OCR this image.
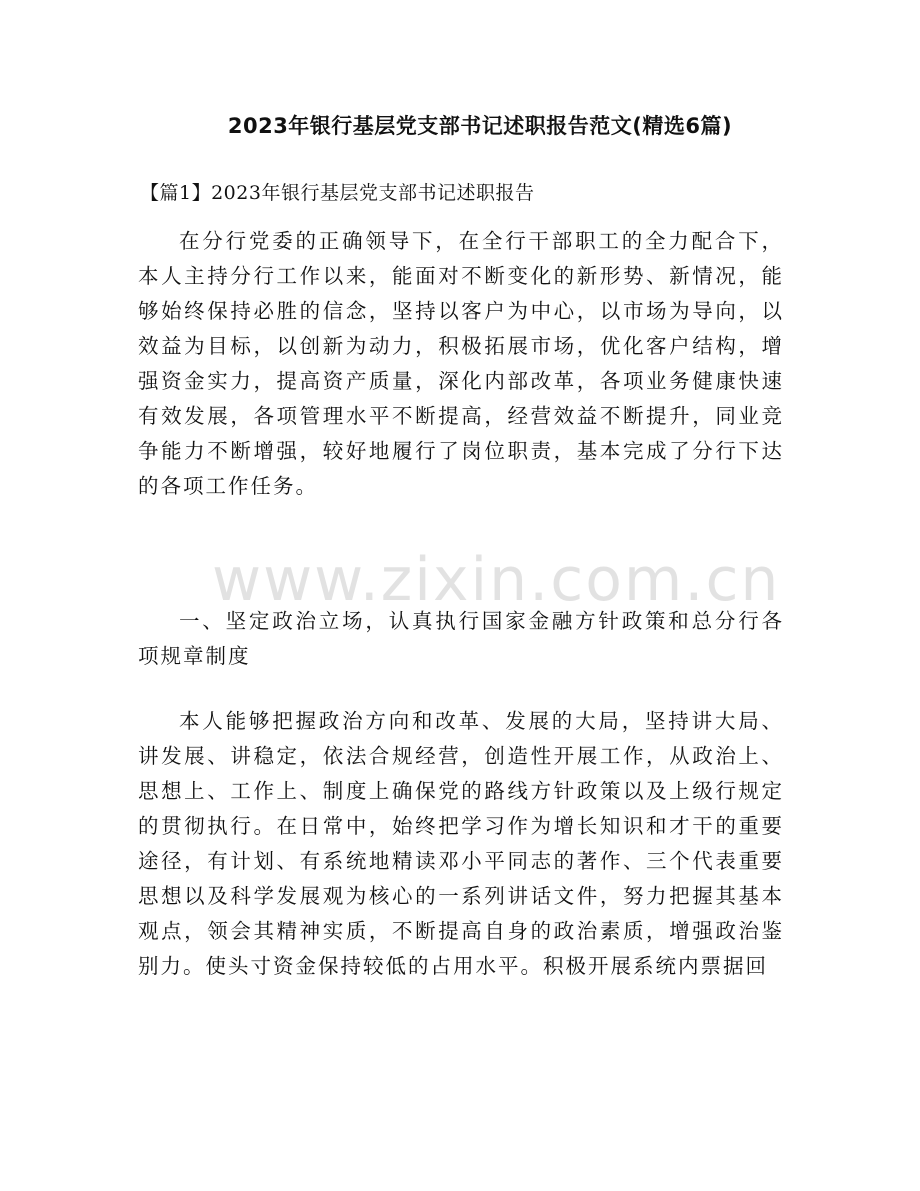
2023年银行基层党支部书记述职报告范文(精选6篇)
【篇1】2023年银行基层党支部书记述职报告

在分行党委的正确领导下，在全行干部职工的全力配合下，本人主持分行工作以来，能面对不断变化的新形势、新情况，能够始终保持必胜的信念，坚持以客户为中心，以市场为导向，以效益为目标，以创新为动力，积极拓展市场，优化客户结构，增强资金实力，提高资产质量，深化内部改革，各项业务健康快速有效发展，各项管理水平不断提高，经营效益不断提升，同业竞争能力不断增强，较好地履行了岗位职责，基本完成了分行下达的各项工作任务。

一、坚定政治立场，认真执行国家金融方针政策和总分行各项规章制度

本人能够把握政治方向和改革、发展的大局，坚持讲大局、讲发展、讲稳定，依法合规经营，创造性开展工作，从政治上、思想上、工作上、制度上确保党的路线方针政策以及上级行规定的贯彻执行。在日常中，始终把学习作为增长知识和才干的重要途径，有计划、有系统地精读邓小平同志的著作、三个代表重要思想以及科学发展观为核心的一系列讲话文件，努力把握其基本观点，领会其精神实质，不断提高自身的政治素质，增强政治鉴别力。使头寸资金保持较低的占用水平。积极开展系统内票据回

www.zixin.com.cn
